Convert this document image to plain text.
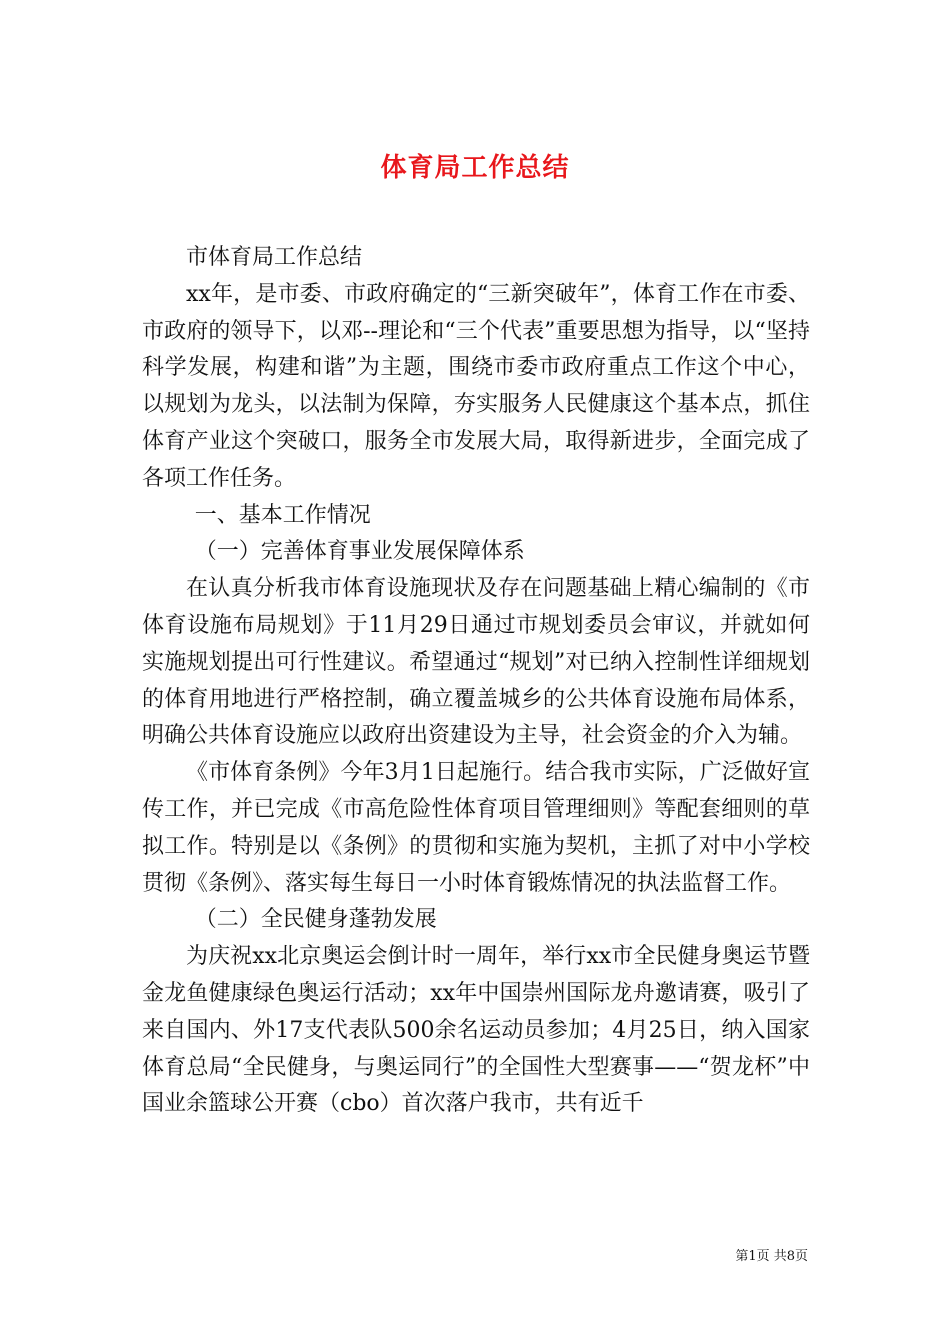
体育局工作总结

市体育局工作总结

xx年，是市委、市政府确定的“三新突破年”，体育工作在市委、市政府的领导下，以邓--理论和“三个代表”重要思想为指导，以“坚持科学发展，构建和谐”为主题，围绕市委市政府重点工作这个中心，以规划为龙头，以法制为保障，夯实服务人民健康这个基本点，抓住体育产业这个突破口，服务全市发展大局，取得新进步，全面完成了各项工作任务。

一、基本工作情况

（一）完善体育事业发展保障体系

在认真分析我市体育设施现状及存在问题基础上精心编制的《市体育设施布局规划》于11月29日通过市规划委员会审议，并就如何实施规划提出可行性建议。希望通过“规划”对已纳入控制性详细规划的体育用地进行严格控制，确立覆盖城乡的公共体育设施布局体系，明确公共体育设施应以政府出资建设为主导，社会资金的介入为辅。

《市体育条例》今年3月1日起施行。结合我市实际，广泛做好宣传工作，并已完成《市高危险性体育项目管理细则》等配套细则的草拟工作。特别是以《条例》的贯彻和实施为契机，主抓了对中小学校贯彻《条例》、落实每生每日一小时体育锻炼情况的执法监督工作。

（二）全民健身蓬勃发展

为庆祝xx北京奥运会倒计时一周年，举行xx市全民健身奥运节暨金龙鱼健康绿色奥运行活动；xx年中国崇州国际龙舟邀请赛，吸引了来自国内、外17支代表队500余名运动员参加；4月25日，纳入国家体育总局“全民健身，与奥运同行”的全国性大型赛事——“贺龙杯”中国业余篮球公开赛（cbo）首次落户我市，共有近千

第1页 共8页
